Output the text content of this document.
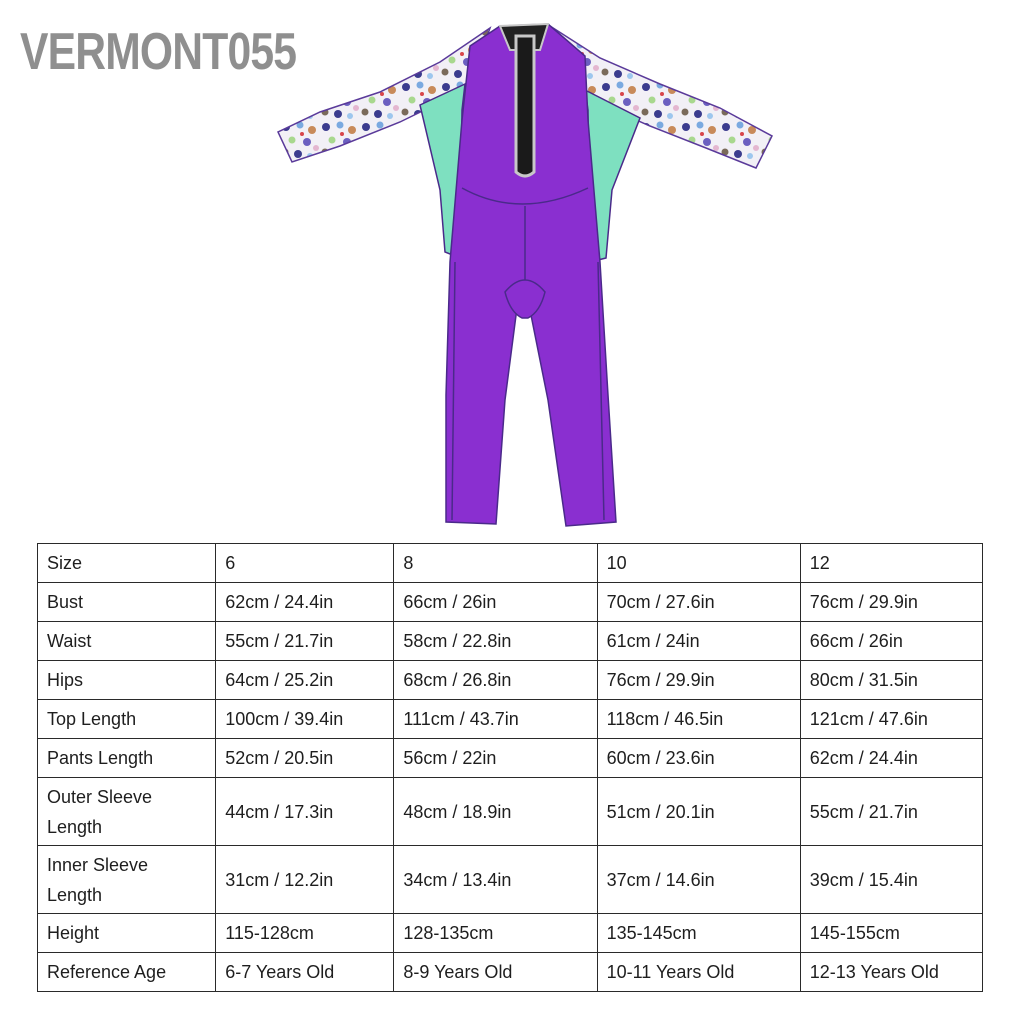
VERMONT055
Size	6	8	10	12
Bust	62cm / 24.4in	66cm / 26in	70cm / 27.6in	76cm / 29.9in
Waist	55cm / 21.7in	58cm / 22.8in	61cm / 24in	66cm / 26in
Hips	64cm / 25.2in	68cm / 26.8in	76cm / 29.9in	80cm / 31.5in
Top Length	100cm / 39.4in	111cm / 43.7in	118cm / 46.5in	121cm / 47.6in
Pants Length	52cm / 20.5in	56cm / 22in	60cm / 23.6in	62cm / 24.4in
Outer Sleeve
Length	44cm / 17.3in	48cm / 18.9in	51cm / 20.1in	55cm / 21.7in
Inner Sleeve
Length	31cm / 12.2in	34cm / 13.4in	37cm / 14.6in	39cm / 15.4in
Height	115-128cm	128-135cm	135-145cm	145-155cm
Reference Age	6-7 Years Old	8-9 Years Old	10-11 Years Old	12-13 Years Old
